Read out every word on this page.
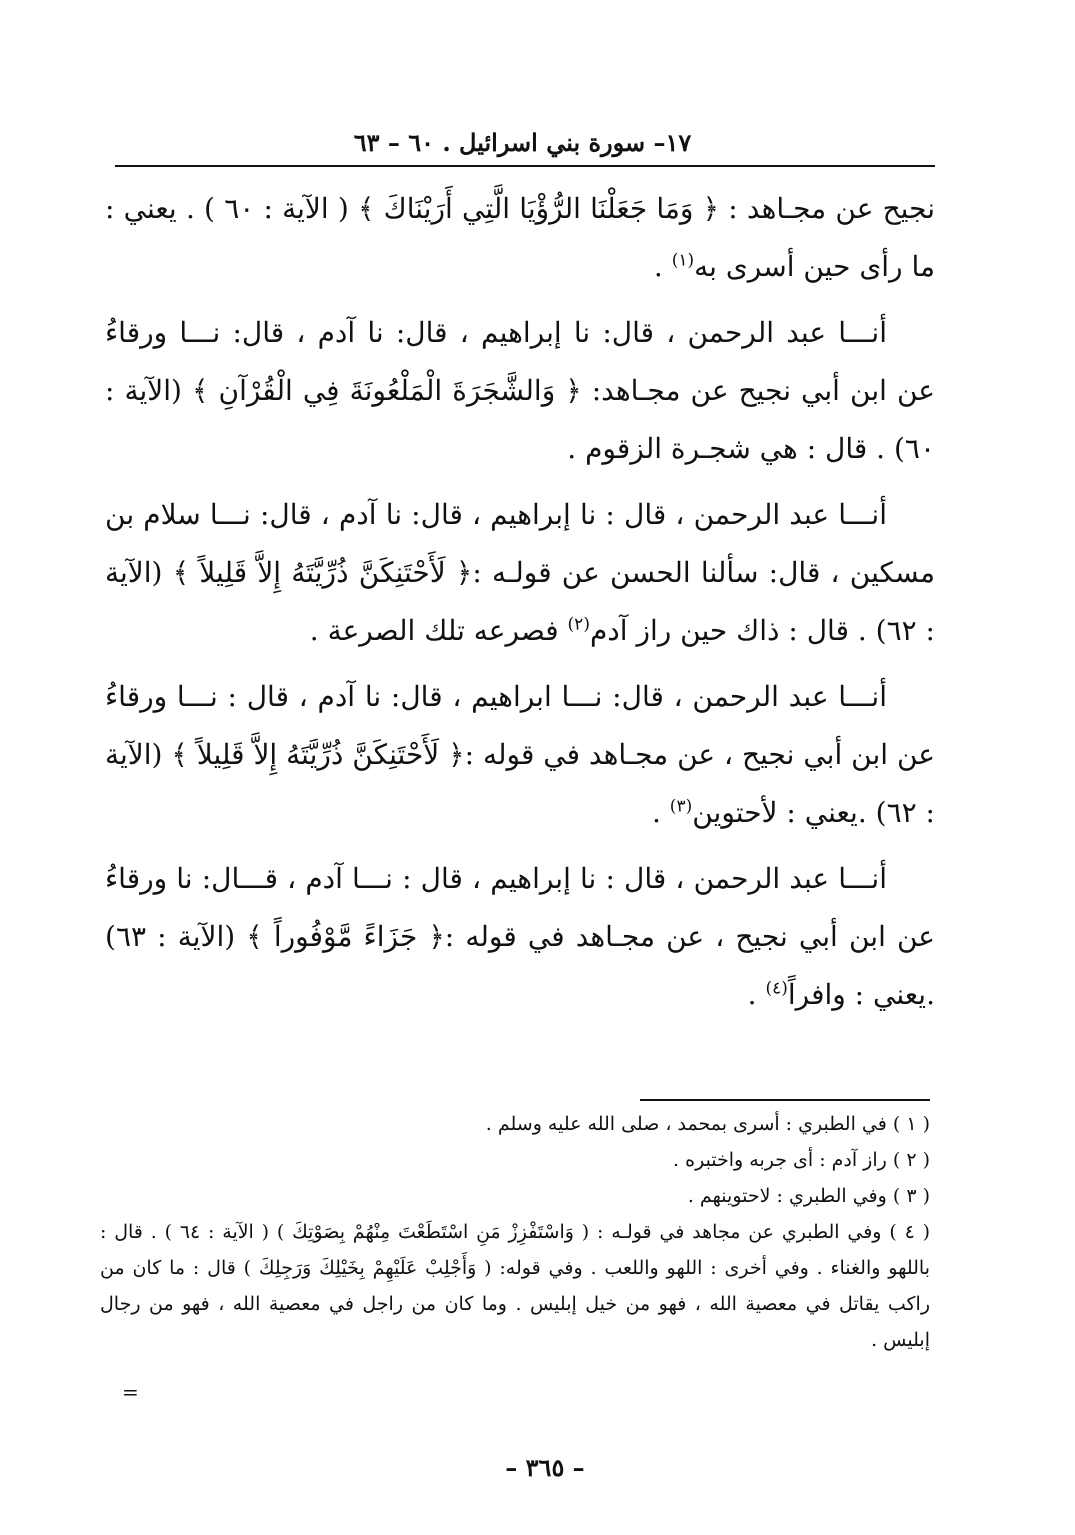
١٧– سورة بني اسرائيل . ٦٠ – ٦٣

نجيح عن مجـاهد : ﴿ وَمَا جَعَلْنَا الرُّؤْيَا الَّتِي أَرَيْنَاكَ ﴾ ( الآية : ٦٠ ) . يعني : ما رأى حين أسرى به$^{(١)}$ .

أنـــا عبد الرحمن ، قال: نا إبراهيم ، قال: نا آدم ، قال: نـــا ورقاءُ عن ابن أبي نجيح عن مجـاهد: ﴿ وَالشَّجَرَةَ الْمَلْعُونَةَ فِي الْقُرْآنِ ﴾ (الآية : ٦٠) . قال : هي شجـرة الزقوم .

أنـــا عبد الرحمن ، قال : نا إبراهيم ، قال: نا آدم ، قال: نـــا سلام بن مسكين ، قال: سألنا الحسن عن قولـه :﴿ لَأَحْتَنِكَنَّ ذُرِّيَّتَهُ إِلاَّ قَلِيلاً ﴾ (الآية : ٦٢) . قال : ذاك حين راز آدم$^{(٢)}$ فصرعه تلك الصرعة .

أنـــا عبد الرحمن ، قال: نـــا ابراهيم ، قال: نا آدم ، قال : نـــا ورقاءُ عن ابن أبي نجيح ، عن مجـاهد في قوله :﴿ لَأَحْتَنِكَنَّ ذُرِّيَّتَهُ إِلاَّ قَلِيلاً ﴾ (الآية : ٦٢) .يعني : لأحتوين$^{(٣)}$ .

أنـــا عبد الرحمن ، قال : نا إبراهيم ، قال : نـــا آدم ، قـــال: نا ورقاءُ عن ابن أبي نجيح ، عن مجـاهد في قوله :﴿ جَزَاءً مَّوْفُوراً ﴾ (الآية : ٦٣) .يعني : وافراً$^{(٤)}$ .

( ١ ) في الطبري : أسرى بمحمد ، صلى الله عليه وسلم .

( ٢ ) راز آدم : أى جربه واختبره .

( ٣ ) وفي الطبري : لاحتوينهم .

( ٤ ) وفي الطبري عن مجاهد في قولـه : ( وَاسْتَفْزِزْ مَنِ اسْتَطَعْتَ مِنْهُمْ بِصَوْتِكَ ) ( الآية : ٦٤ ) . قال : باللهو والغناء . وفي أخرى : اللهو واللعب . وفي قوله: ( وَأَجْلِبْ عَلَيْهِمْ بِخَيْلِكَ وَرَجِلِكَ ) قال : ما كان من راكب يقاتل في معصية الله ، فهو من خيل إبليس . وما كان من راجل في معصية الله ، فهو من رجال إبليس .

=
– ٣٦٥ –
